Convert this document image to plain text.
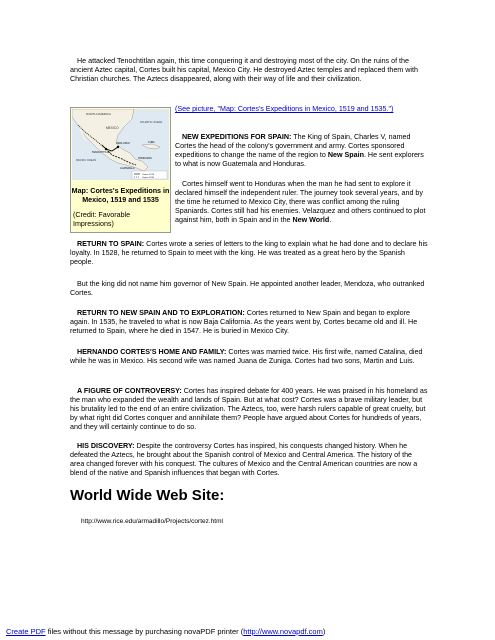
He attacked Tenochtitlan again, this time conquering it and destroying most of the city. On the ruins of the ancient Aztec capital, Cortes built his capital, Mexico City. He destroyed Aztec temples and replaced them with Christian churches. The Aztecs disappeared, along with their way of life and their civilization.

(See picture, "Map: Cortes's Expeditions in Mexico, 1519 and 1535.")
NORTH AMERICA
MEXICO
ATLANTIC OCEAN
PACIFIC OCEAN
TENOCHTITLAN
VERA CRUZ	CUBA
GUATEMALA
HONDURAS
Cortes 1519
Cortes 1535
Map: Cortes's Expeditions in Mexico, 1519 and 1535
(Credit: Favorable Impressions)

NEW EXPEDITIONS FOR SPAIN: The King of Spain, Charles V, named Cortes the head of the colony's government and army. Cortes sponsored expeditions to change the name of the region to New Spain. He sent explorers to what is now Guatemala and Honduras.

Cortes himself went to Honduras when the man he had sent to explore it declared himself the independent ruler. The journey took several years, and by the time he returned to Mexico City, there was conflict among the ruling Spaniards. Cortes still had his enemies. Velazquez and others continued to plot against him, both in Spain and in the New World.

RETURN TO SPAIN: Cortes wrote a series of letters to the king to explain what he had done and to declare his loyalty. In 1528, he returned to Spain to meet with the king. He was treated as a great hero by the Spanish people.

But the king did not name him governor of New Spain. He appointed another leader, Mendoza, who outranked Cortes.

RETURN TO NEW SPAIN AND TO EXPLORATION: Cortes returned to New Spain and began to explore again. In 1535, he traveled to what is now Baja California. As the years went by, Cortes became old and ill. He returned to Spain, where he died in 1547. He is buried in Mexico City.

HERNANDO CORTES'S HOME AND FAMILY: Cortes was married twice. His first wife, named Catalina, died while he was in Mexico. His second wife was named Juana de Zuniga. Cortes had two sons, Martin and Luis.

A FIGURE OF CONTROVERSY: Cortes has inspired debate for 400 years. He was praised in his homeland as the man who expanded the wealth and lands of Spain. But at what cost? Cortes was a brave military leader, but his brutality led to the end of an entire civilization. The Aztecs, too, were harsh rulers capable of great cruelty, but by what right did Cortes conquer and annihilate them? People have argued about Cortes for hundreds of years, and they will certainly continue to do so.

HIS DISCOVERY: Despite the controversy Cortes has inspired, his conquests changed history. When he defeated the Aztecs, he brought about the Spanish control of Mexico and Central America. The history of the area changed forever with his conquest. The cultures of Mexico and the Central American countries are now a blend of the native and Spanish influences that began with Cortes.

World Wide Web Site:
http://www.rice.edu/armadillo/Projects/cortez.html
Create PDF files without this message by purchasing novaPDF printer (http://www.novapdf.com)
